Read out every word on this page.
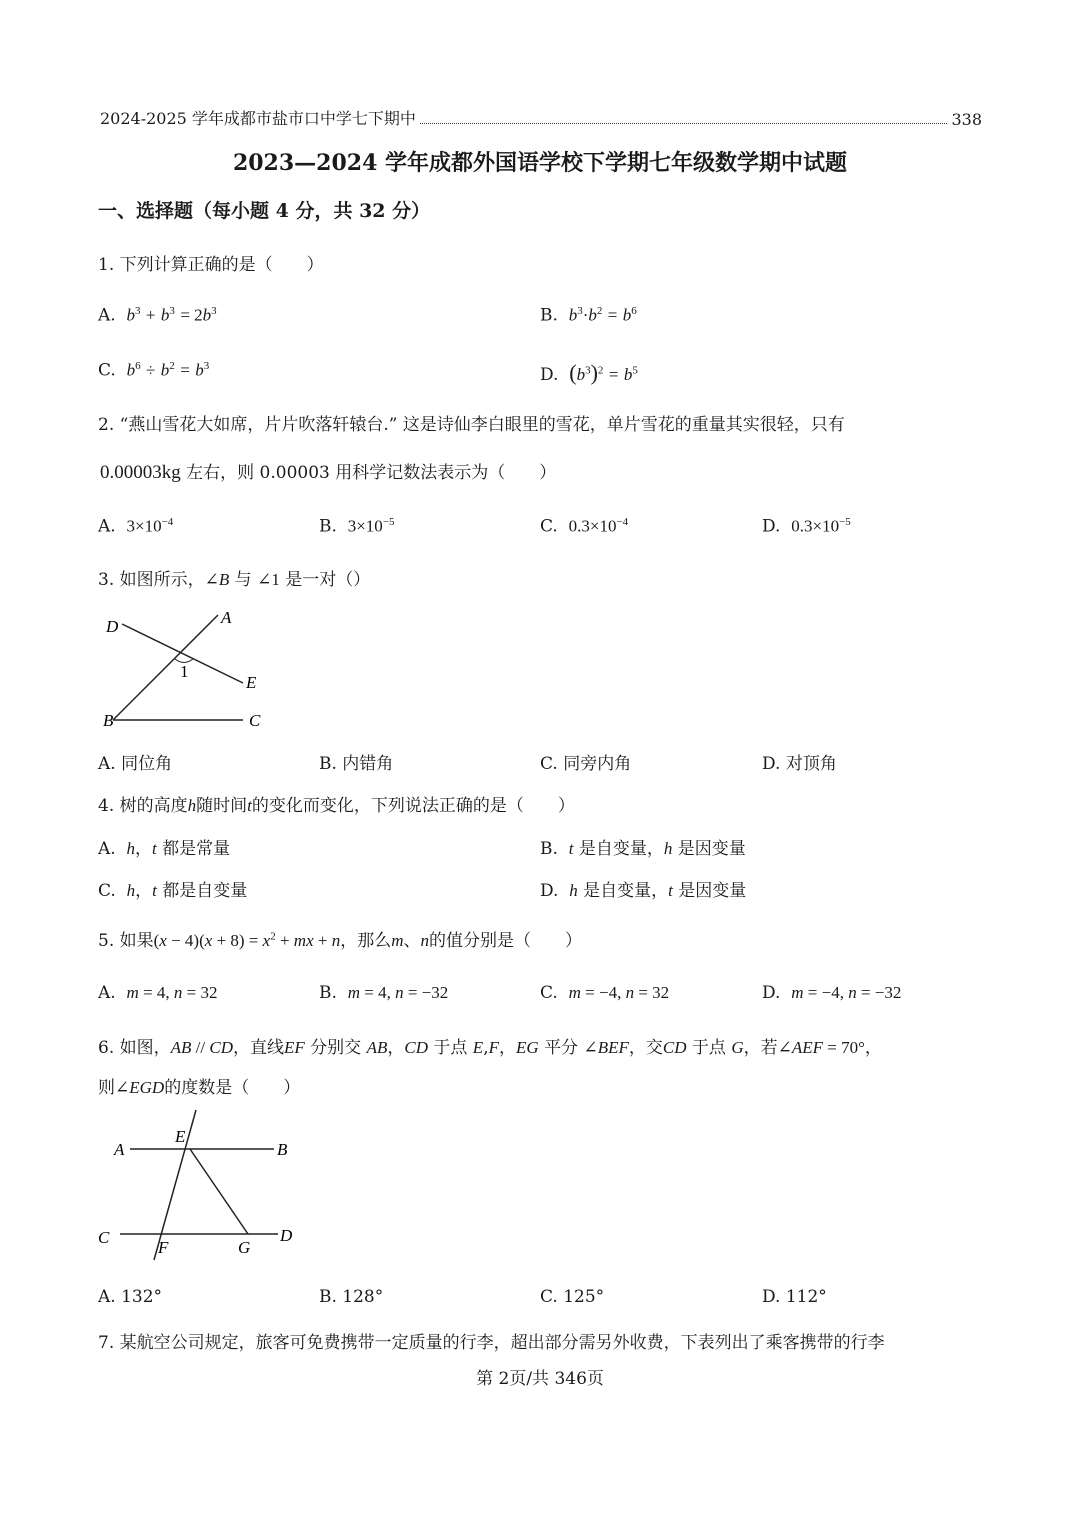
2024-2025 学年成都市盐市口中学七下期中	338
2023—2024 学年成都外国语学校下学期七年级数学期中试题
一、选择题（每小题 4 分，共 32 分）
1. 下列计算正确的是（　　）
A. $b^3 + b^3 = 2b^3$	B. $b^3\cdot b^2 = b^6$
C. $b^6 \div b^2 = b^3$	D. $(b^3)^2 = b^5$
2. “燕山雪花大如席，片片吹落轩辕台.” 这是诗仙李白眼里的雪花，单片雪花的重量其实很轻，只有
0.00003kg 左右，则 0.00003 用科学记数法表示为（　　）
A. $3\times 10^{-4}$	B. $3\times 10^{-5}$	C. $0.3\times 10^{-4}$	D. $0.3\times 10^{-5}$
3. 如图所示，∠B 与 ∠1 是一对（）
D	A
E
B	C
1
A. 同位角	B. 内错角	C. 同旁内角	D. 对顶角
4. 树的高度h随时间t的变化而变化，下列说法正确的是（　　）
A.  h，t 都是常量	B.  t 是自变量，h 是因变量
C.  h，t 都是自变量	D.  h 是自变量，t 是因变量
5. 如果$(x - 4)(x + 8) = x^2$ + mx + n，那么m、n的值分别是（　　）
A.  m = 4, n = 32	B.  m = 4, n = −32	C.  m = −4, n = 32	D.  m = −4, n = −32
6. 如图，AB // CD，直线EF 分别交 AB，CD 于点 E,F，EG 平分 ∠BEF，交CD 于点 G，若∠AEF = 70°，
则∠EGD的度数是（　　）
A
E
B
C
F	G
D
A. 132°	B. 128°	C. 125°	D. 112°
7. 某航空公司规定，旅客可免费携带一定质量的行李，超出部分需另外收费，下表列出了乘客携带的行李
第 2页/共 346页
